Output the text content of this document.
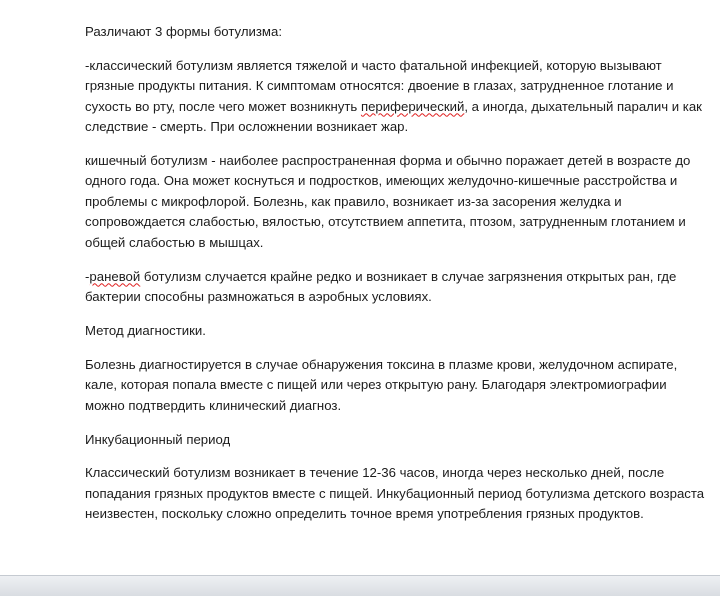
Различают 3 формы ботулизма:

-классический ботулизм является тяжелой и часто фатальной инфекцией, которую вызывают грязные продукты питания. К симптомам относятся: двоение в глазах, затрудненное глотание и сухость во рту, после чего может возникнуть периферический, а иногда, дыхательный паралич и как следствие - смерть. При осложнении возникает жар.

кишечный ботулизм - наиболее распространенная форма и обычно поражает детей в возрасте до одного года. Она может коснуться и подростков, имеющих желудочно-кишечные расстройства и проблемы с микрофлорой. Болезнь, как правило, возникает из-за засорения желудка и сопровождается слабостью, вялостью, отсутствием аппетита, птозом, затрудненным глотанием и общей слабостью в мышцах.

-раневой ботулизм случается крайне редко и возникает в случае загрязнения открытых ран, где бактерии способны размножаться в аэробных условиях.

Метод диагностики.

Болезнь диагностируется в случае обнаружения токсина в плазме крови, желудочном аспирате, кале, которая попала вместе с пищей или через открытую рану. Благодаря электромиографии можно подтвердить клинический диагноз.

Инкубационный период

Классический ботулизм возникает в течение 12-36 часов, иногда через несколько дней, после попадания грязных продуктов вместе с пищей. Инкубационный период ботулизма детского возраста неизвестен, поскольку сложно определить точное время употребления грязных продуктов.
